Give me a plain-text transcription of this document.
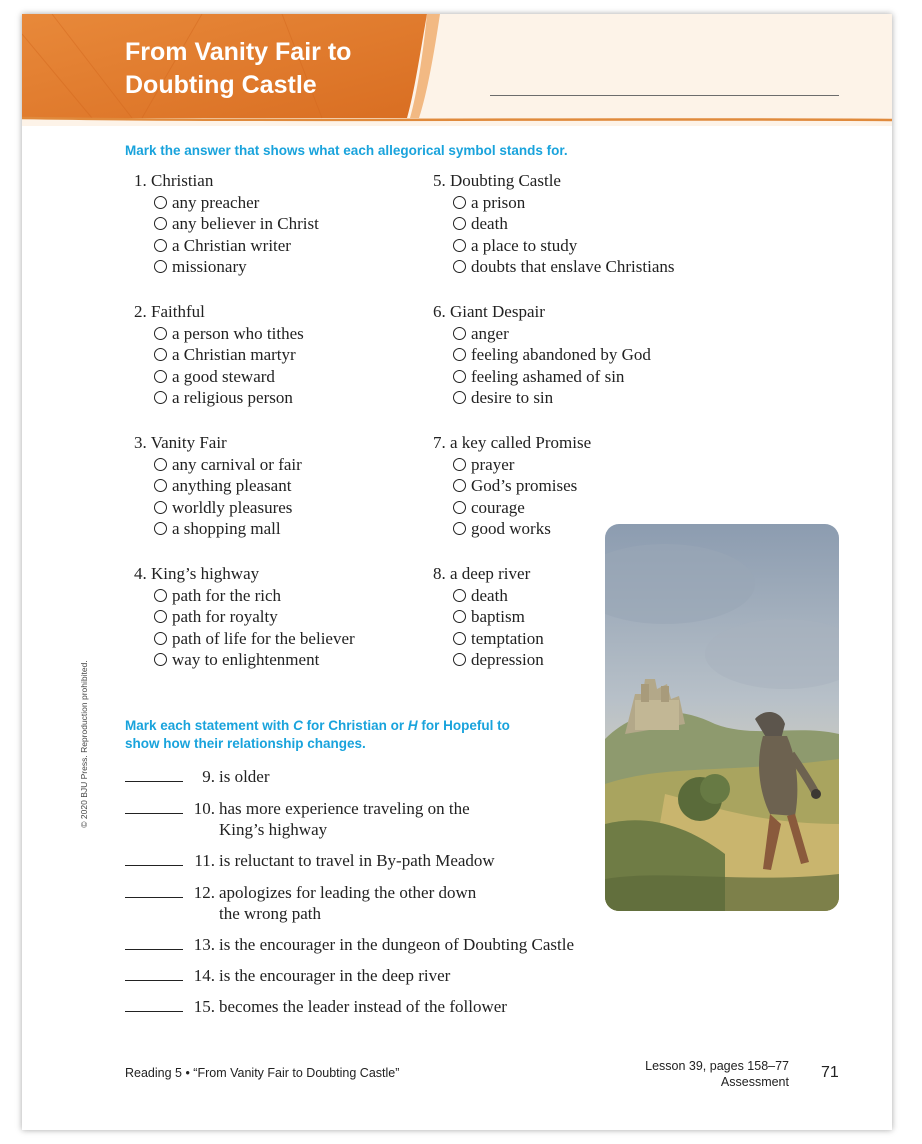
From Vanity Fair to
Doubting Castle
Mark the answer that shows what each allegorical symbol stands for.
1. Christian
any preacher
any believer in Christ
a Christian writer
missionary
2. Faithful
a person who tithes
a Christian martyr
a good steward
a religious person
3. Vanity Fair
any carnival or fair
anything pleasant
worldly pleasures
a shopping mall
4. King’s highway
path for the rich
path for royalty
path of life for the believer
way to enlightenment
5. Doubting Castle
a prison
death
a place to study
doubts that enslave Christians
6. Giant Despair
anger
feeling abandoned by God
feeling ashamed of sin
desire to sin
7. a key called Promise
prayer
God’s promises
courage
good works
8. a deep river
death
baptism
temptation
depression
Mark each statement with C for Christian or H for Hopeful to
show how their relationship changes.
9. is older
10. has more experience traveling on the
King’s highway
11. is reluctant to travel in By-path Meadow
12. apologizes for leading the other down
the wrong path
13. is the encourager in the dungeon of Doubting Castle
14. is the encourager in the deep river
15. becomes the leader instead of the follower
© 2020 BJU Press. Reproduction prohibited.
Reading 5 • “From Vanity Fair to Doubting Castle”	Lesson 39, pages 158–77
Assessment
71
